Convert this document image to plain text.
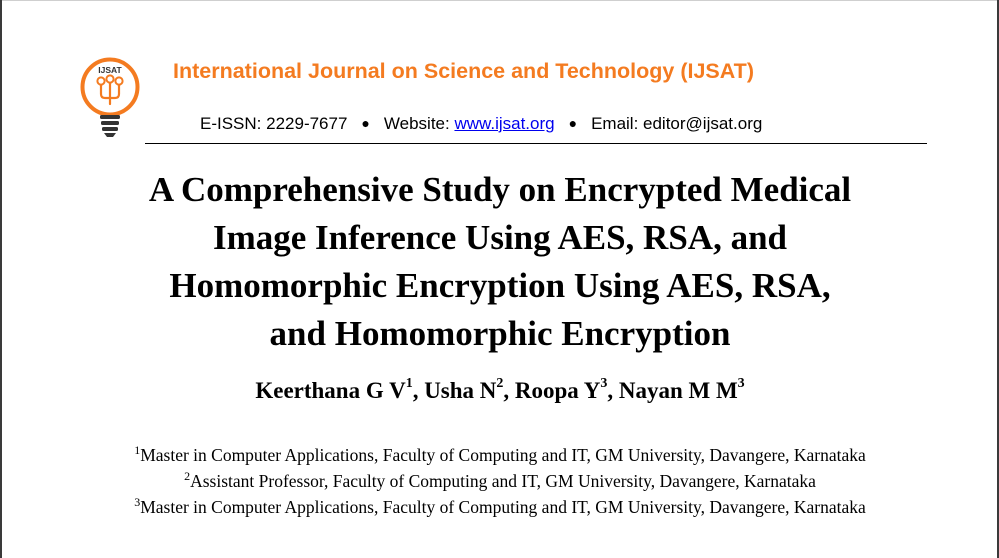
IJSAT International Journal on Science and Technology (IJSAT)
E-ISSN: 2229-7677 ● Website: www.ijsat.org ● Email: editor@ijsat.org
A Comprehensive Study on Encrypted Medical
Image Inference Using AES, RSA, and
Homomorphic Encryption Using AES, RSA,
and Homomorphic Encryption
Keerthana G $V^1$, Usha $N^2$, Roopa $Y^3$, Nayan M $M^3$
$^1$Master in Computer Applications, Faculty of Computing and IT, GM University, Davangere, Karnataka
$^2$Assistant Professor, Faculty of Computing and IT, GM University, Davangere, Karnataka
$^3$Master in Computer Applications, Faculty of Computing and IT, GM University, Davangere, Karnataka
